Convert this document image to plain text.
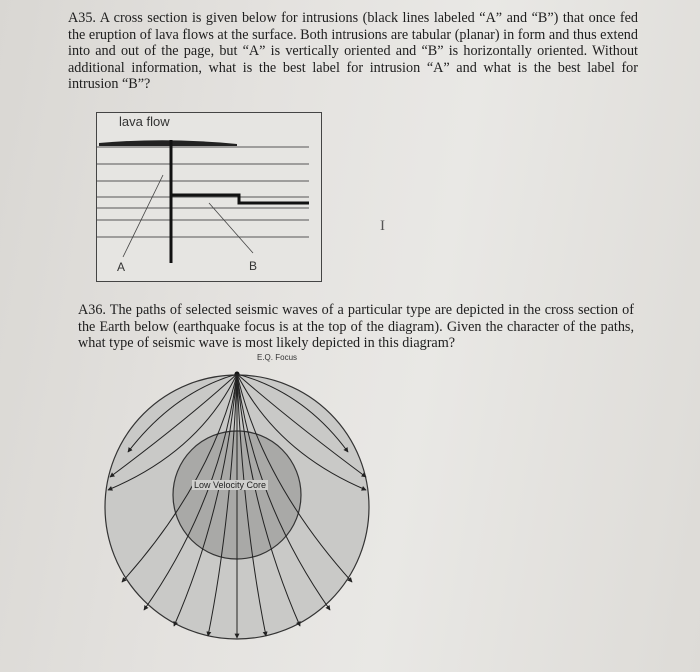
A35. A cross section is given below for intrusions (black lines labeled “A” and “B”) that once fed the eruption of lava flows at the surface. Both intrusions are tabular (planar) in form and thus extend into and out of the page, but “A” is vertically oriented and “B” is horizontally oriented. Without additional information, what is the best label for intrusion “A” and what is the best label for intrusion “B”?

lava flow
A	B
I

A36. The paths of selected seismic waves of a particular type are depicted in the cross section of the Earth below (earthquake focus is at the top of the diagram). Given the character of the paths, what type of seismic wave is most likely depicted in this diagram?

E.Q. Focus
Low Velocity Core
